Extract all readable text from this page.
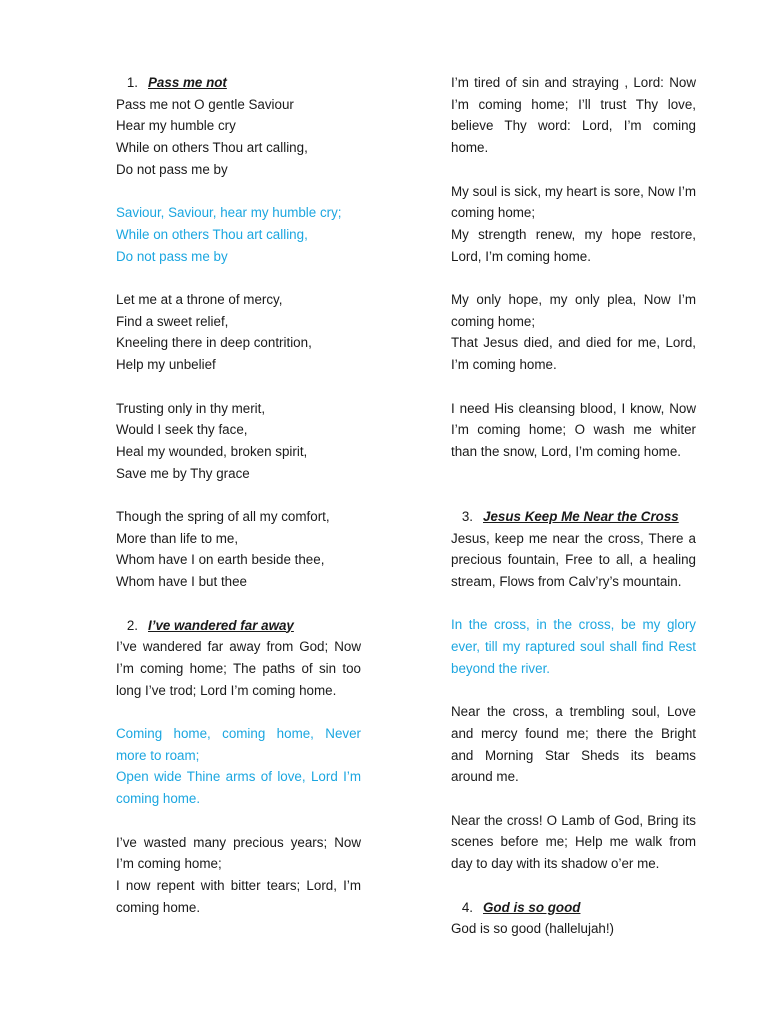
1. Pass me not
Pass me not O gentle Saviour
Hear my humble cry
While on others Thou art calling,
Do not pass me by
Saviour, Saviour, hear my humble cry;
While on others Thou art calling,
Do not pass me by
Let me at a throne of mercy,
Find a sweet relief,
Kneeling there in deep contrition,
Help my unbelief
Trusting only in thy merit,
Would I seek thy face,
Heal my wounded, broken spirit,
Save me by Thy grace
Though the spring of all my comfort,
More than life to me,
Whom have I on earth beside thee,
Whom have I but thee
2. I’ve wandered far away
I’ve wandered far away from God; Now I’m coming home; The paths of sin too long I’ve trod; Lord I’m coming home.
Coming home, coming home, Never more to roam;
Open wide Thine arms of love, Lord I’m coming home.
I’ve wasted many precious years; Now I’m coming home;
I now repent with bitter tears; Lord, I’m coming home.
I’m tired of sin and straying , Lord: Now I’m coming home; I’ll trust Thy love, believe Thy word: Lord, I’m coming home.
My soul is sick, my heart is sore, Now I’m coming home;
My strength renew, my hope restore, Lord, I’m coming home.
My only hope, my only plea, Now I’m coming home;
That Jesus died, and died for me, Lord, I’m coming home.
I need His cleansing blood, I know, Now I’m coming home; O wash me whiter than the snow, Lord, I’m coming home.
3. Jesus Keep Me Near the Cross
Jesus, keep me near the cross, There a precious fountain, Free to all, a healing stream, Flows from Calv’ry’s mountain.
In the cross, in the cross, be my glory ever, till my raptured soul shall find Rest beyond the river.
Near the cross, a trembling soul, Love and mercy found me; there the Bright and Morning Star Sheds its beams around me.
Near the cross! O Lamb of God, Bring its scenes before me; Help me walk from day to day with its shadow o’er me.
4. God is so good
God is so good (hallelujah!)
